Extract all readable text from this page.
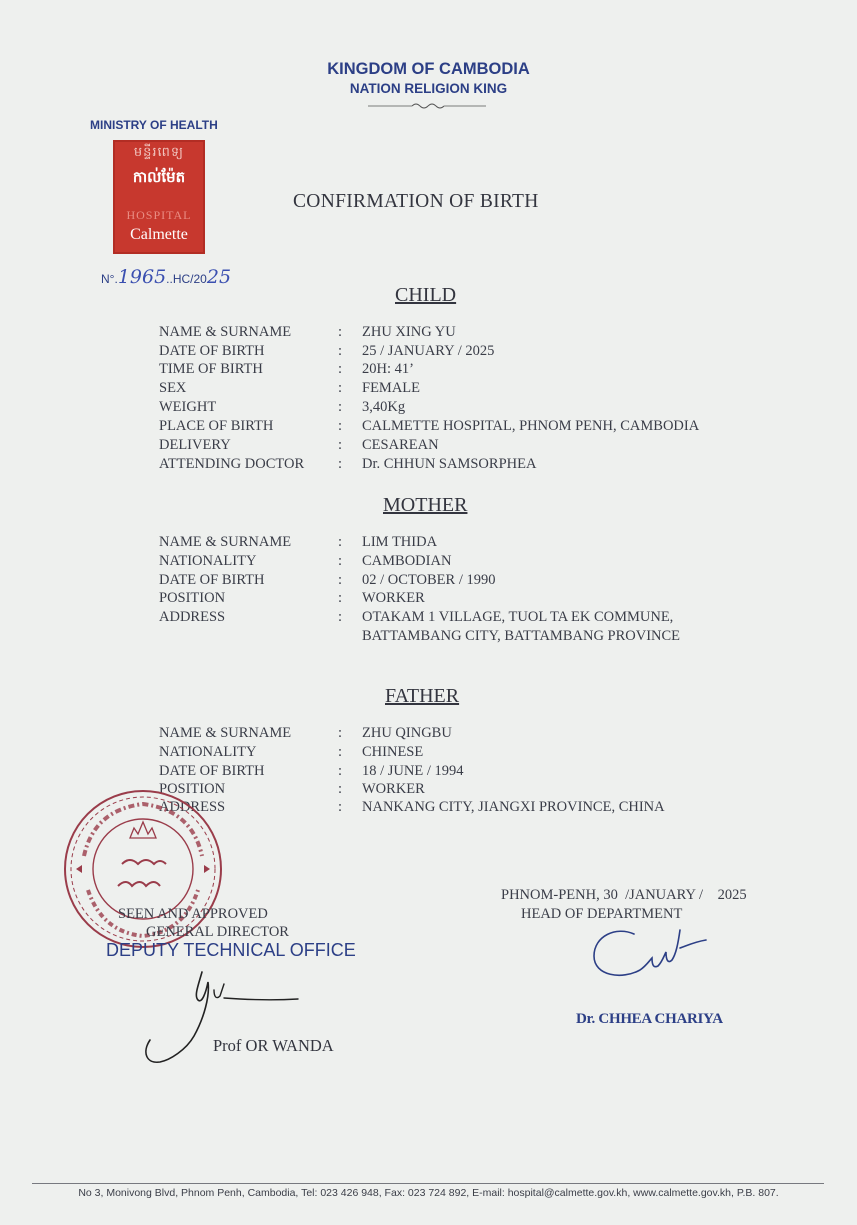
KINGDOM OF CAMBODIA
NATION RELIGION KING
MINISTRY OF HEALTH
មន្ទីរពេទ្យ
កាល់ម៉ែត
HOSPITAL
Calmette
CONFIRMATION OF BIRTH
N°.1965..HC/2025
CHILD
NAME & SURNAME	: ZHU XING YU
DATE OF BIRTH	: 25 / JANUARY / 2025
TIME OF BIRTH	: 20H: 41’
SEX	: FEMALE
WEIGHT	: 3,40Kg
PLACE OF BIRTH	: CALMETTE HOSPITAL, PHNOM PENH, CAMBODIA
DELIVERY	: CESAREAN
ATTENDING DOCTOR : Dr. CHHUN SAMSORPHEA
MOTHER
NAME & SURNAME	: LIM THIDA
NATIONALITY	: CAMBODIAN
DATE OF BIRTH	: 02 / OCTOBER / 1990
POSITION	: WORKER
ADDRESS	: OTAKAM 1 VILLAGE, TUOL TA EK COMMUNE,
BATTAMBANG CITY, BATTAMBANG PROVINCE
FATHER
NAME & SURNAME	: ZHU QINGBU
NATIONALITY	: CHINESE
DATE OF BIRTH	: 18 / JUNE / 1994
POSITION	: WORKER
ADDRESS	: NANKANG CITY, JIANGXI PROVINCE, CHINA
PHNOM-PENH, 30  /JANUARY /    2025
HEAD OF DEPARTMENT
Dr. CHHEA CHARIYA
SEEN AND APPROVED
GENERAL DIRECTOR
DEPUTY TECHNICAL OFFICE
Prof OR WANDA
No 3, Monivong Blvd, Phnom Penh, Cambodia, Tel: 023 426 948, Fax: 023 724 892, E-mail: hospital@calmette.gov.kh, www.calmette.gov.kh, P.B. 807.
